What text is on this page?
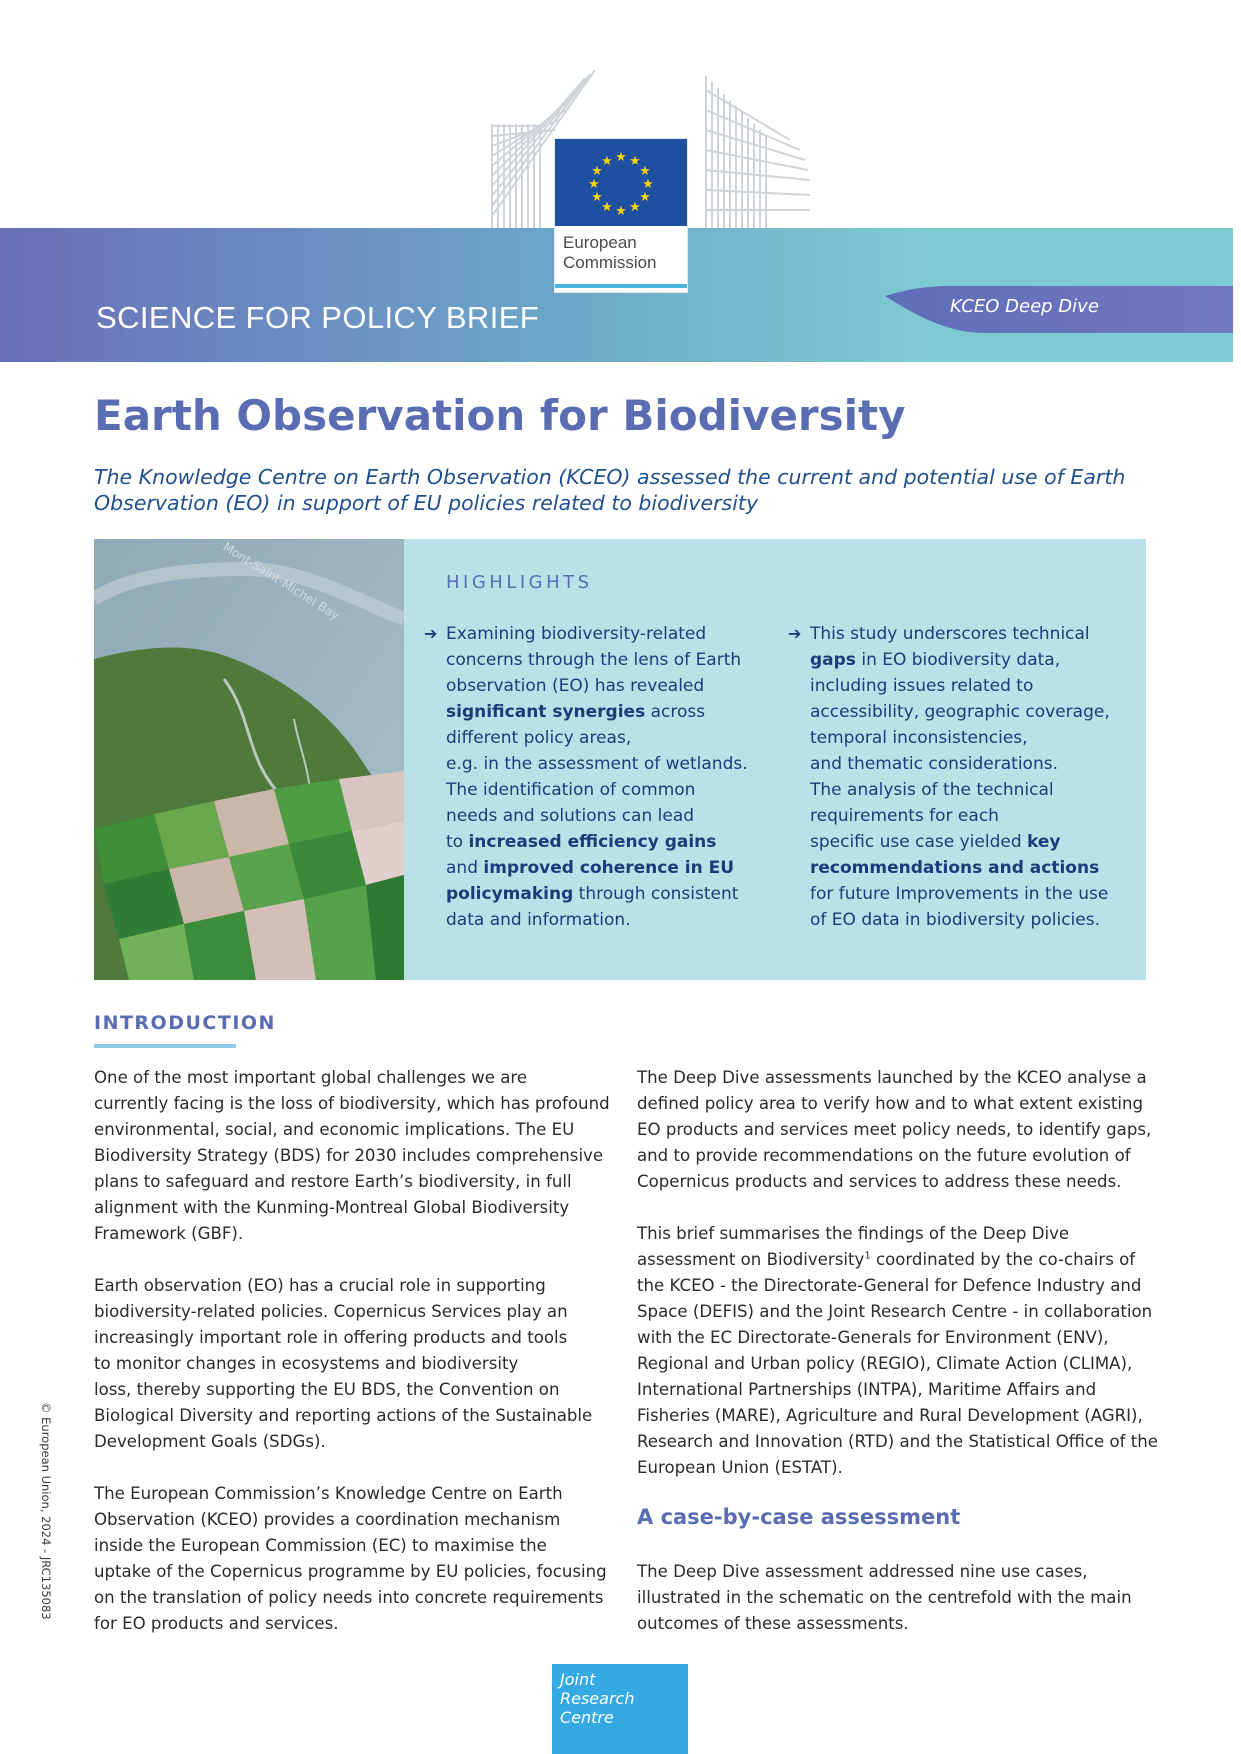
★ ★
★
★
★
★
★
★
★
★
★
★
European
Commission
SCIENCE FOR POLICY BRIEF	KCEO Deep Dive
Earth Observation for Biodiversity
The Knowledge Centre on Earth Observation (KCEO) assessed the current and potential use of Earth Observation (EO) in support of EU policies related to biodiversity
Mont-Saint-Michel Bay	HIGHLIGHTS
➔ Examining biodiversity-related
concerns through the lens of Earth
observation (EO) has revealed
significant synergies across
different policy areas,
e.g. in the assessment of wetlands.
The identification of common
needs and solutions can lead
to increased efficiency gains
and improved coherence in EU
policymaking through consistent
data and information.
➔ This study underscores technical
gaps in EO biodiversity data,
including issues related to
accessibility, geographic coverage,
temporal inconsistencies,
and thematic considerations.
The analysis of the technical
requirements for each
specific use case yielded key
recommendations and actions
for future Improvements in the use
of EO data in biodiversity policies.
INTRODUCTION
One of the most important global challenges we are
currently facing is the loss of biodiversity, which has profound
environmental, social, and economic implications. The EU
Biodiversity Strategy (BDS) for 2030 includes comprehensive
plans to safeguard and restore Earth’s biodiversity, in full
alignment with the Kunming-Montreal Global Biodiversity
Framework (GBF).
Earth observation (EO) has a crucial role in supporting
biodiversity-related policies. Copernicus Services play an
increasingly important role in offering products and tools
to monitor changes in ecosystems and biodiversity
loss, thereby supporting the EU BDS, the Convention on
Biological Diversity and reporting actions of the Sustainable
Development Goals (SDGs).
The European Commission’s Knowledge Centre on Earth
Observation (KCEO) provides a coordination mechanism
inside the European Commission (EC) to maximise the
uptake of the Copernicus programme by EU policies, focusing
on the translation of policy needs into concrete requirements
for EO products and services.
The Deep Dive assessments launched by the KCEO analyse a
defined policy area to verify how and to what extent existing
EO products and services meet policy needs, to identify gaps,
and to provide recommendations on the future evolution of
Copernicus products and services to address these needs.
This brief summarises the findings of the Deep Dive
assessment on Biodiversity$^1$ coordinated by the co-chairs of
the KCEO - the Directorate-General for Defence Industry and
Space (DEFIS) and the Joint Research Centre - in collaboration
with the EC Directorate-Generals for Environment (ENV),
Regional and Urban policy (REGIO), Climate Action (CLIMA),
International Partnerships (INTPA), Maritime Affairs and
Fisheries (MARE), Agriculture and Rural Development (AGRI),
Research and Innovation (RTD) and the Statistical Office of the
European Union (ESTAT).
A case-by-case assessment
The Deep Dive assessment addressed nine use cases,
illustrated in the schematic on the centrefold with the main
outcomes of these assessments.
© European Union, 2024 - JRC135083
Joint
Research
Centre
